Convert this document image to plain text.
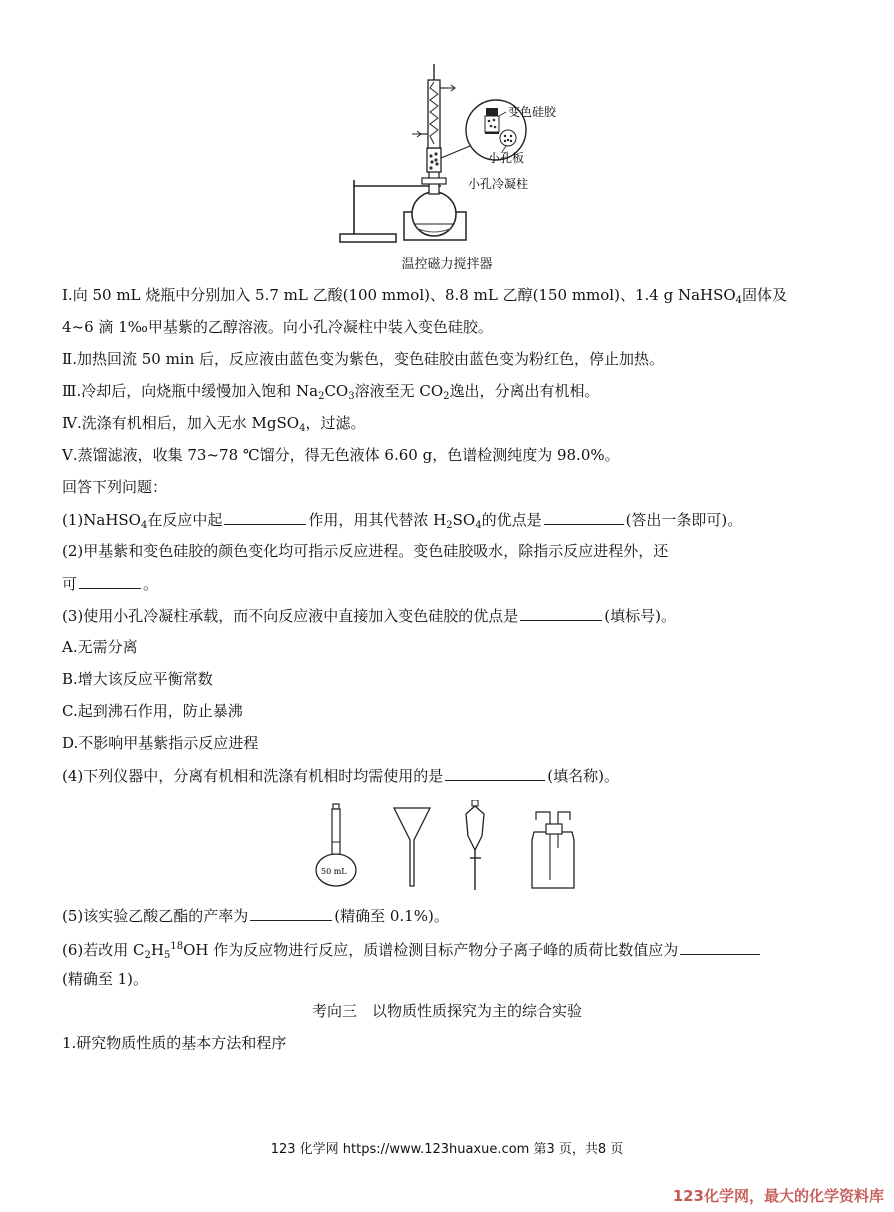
变色硅胶
小孔板
小孔冷凝柱
温控磁力搅拌器
Ⅰ.向 50 mL 烧瓶中分别加入 5.7 mL 乙酸(100 mmol)、8.8 mL 乙醇(150 mmol)、1.4 g NaHSO$_4$固体及
4~6 滴 1‰甲基紫的乙醇溶液。向小孔冷凝柱中装入变色硅胶。
Ⅱ.加热回流 50 min 后，反应液由蓝色变为紫色，变色硅胶由蓝色变为粉红色，停止加热。
Ⅲ.冷却后，向烧瓶中缓慢加入饱和 $Na_2CO_3$溶液至无 $CO_2$逸出，分离出有机相。
Ⅳ.洗涤有机相后，加入无水 MgSO$_4$，过滤。
Ⅴ.蒸馏滤液，收集 73~78 ℃馏分，得无色液体 6.60 g，色谱检测纯度为 98.0%。
回答下列问题：
(1)NaHSO$_4$在反应中起	作用，用其代替浓 $H_2SO_4$的优点是	(答出一条即可)。
(2)甲基紫和变色硅胶的颜色变化均可指示反应进程。变色硅胶吸水，除指示反应进程外，还
可	。
(3)使用小孔冷凝柱承载，而不向反应液中直接加入变色硅胶的优点是	(填标号)。
A.无需分离
B.增大该反应平衡常数
C.起到沸石作用，防止暴沸
D.不影响甲基紫指示反应进程
(4)下列仪器中，分离有机相和洗涤有机相时均需使用的是	(填名称)。
50 mL
(5)该实验乙酸乙酯的产率为	(精确至 0.1%)。
(6)若改用 $C_2H_5^{18}OH$ 作为反应物进行反应，质谱检测目标产物分子离子峰的质荷比数值应为
(精确至 1)。
考向三　以物质性质探究为主的综合实验
1.研究物质性质的基本方法和程序
123 化学网 https://www.123huaxue.com 第3 页，共8 页
123化学网，最大的化学资料库
